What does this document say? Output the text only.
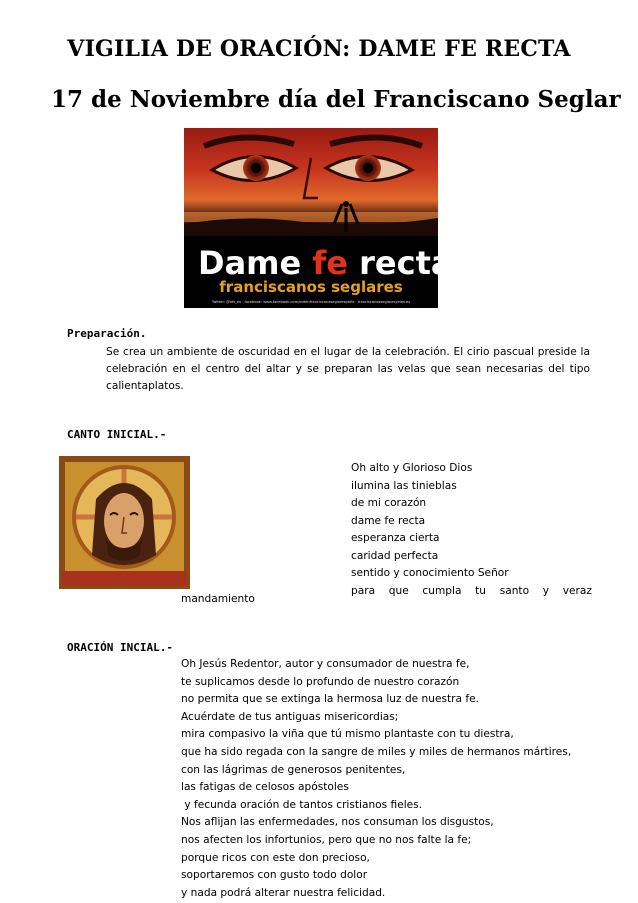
VIGILIA DE ORACIÓN: DAME FE RECTA
17 de Noviembre día del Franciscano Seglar
Dame fe recta
franciscanos seglares
Twitter: @ofs_es · facebook: www.facebook.com/ordenfranciscanaseglarespaña · franciscanosseglaresyelas.es
Preparación.
Se crea un ambiente de oscuridad en el lugar de la celebración. El cirio pascual preside la celebración en el centro del altar y se preparan las velas que sean necesarias del tipo calientaplatos.
CANTO INICIAL.-
Oh alto y Glorioso Dios
ilumina las tinieblas
de mi corazón
dame fe recta
esperanza cierta
caridad perfecta
sentido y conocimiento Señor
para que cumpla tu santo y veraz
mandamiento
ORACIÓN INCIAL.-
Oh Jesús Redentor, autor y consumador de nuestra fe,
te suplicamos desde lo profundo de nuestro corazón
no permita que se extinga la hermosa luz de nuestra fe.
Acuérdate de tus antiguas misericordias;
mira compasivo la viña que tú mismo plantaste con tu diestra,
que ha sido regada con la sangre de miles y miles de hermanos mártires,
con las lágrimas de generosos penitentes,
las fatigas de celosos apóstoles
y fecunda oración de tantos cristianos fieles.
Nos aflijan las enfermedades, nos consuman los disgustos,
nos afecten los infortunios, pero que no nos falte la fe;
porque ricos con este don precioso,
soportaremos con gusto todo dolor
y nada podrá alterar nuestra felicidad.
